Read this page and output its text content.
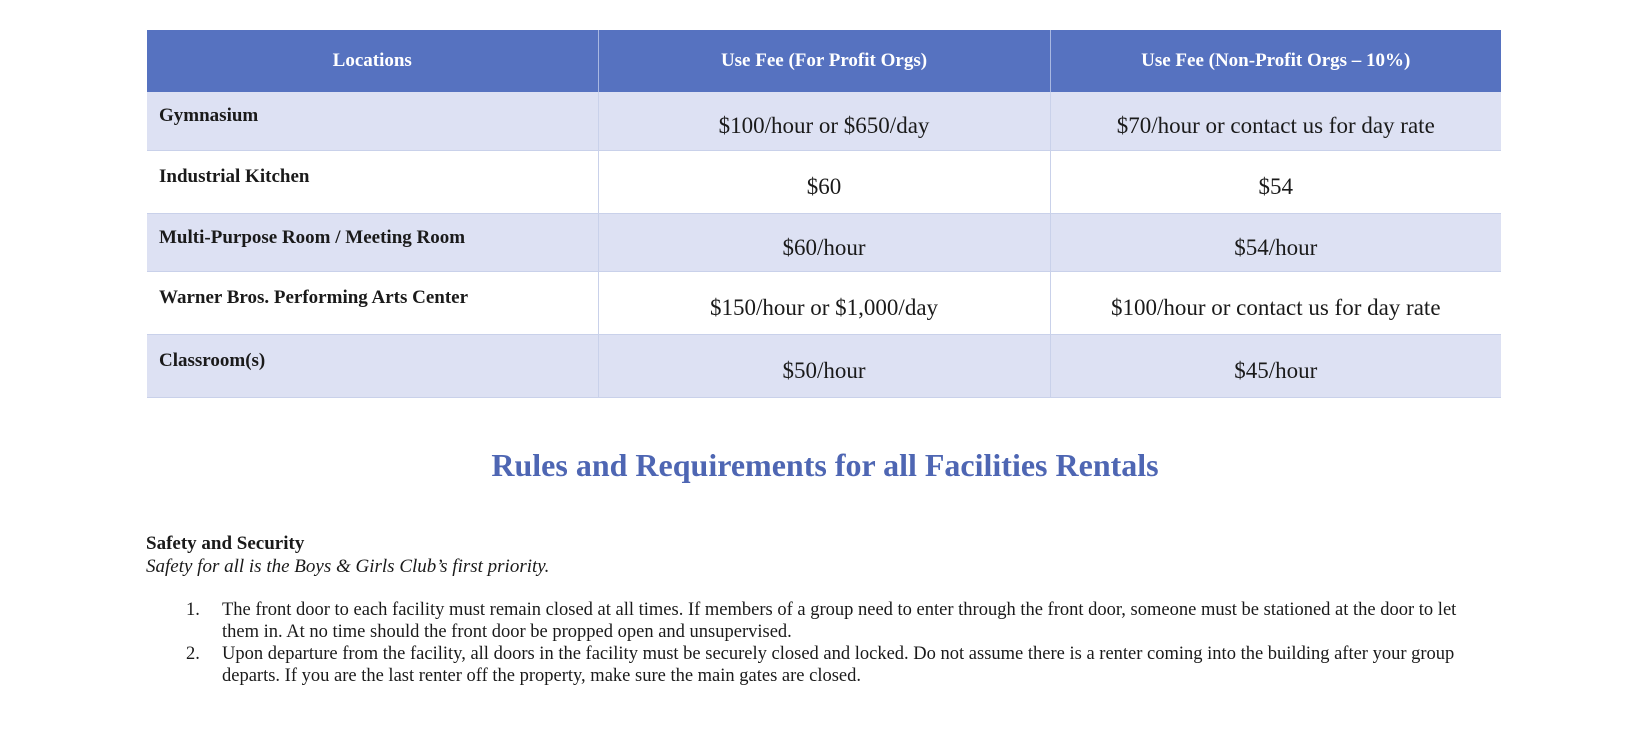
Locations	Use Fee (For Profit Orgs)	Use Fee (Non-Profit Orgs – 10%)
Gymnasium	$100/hour or $650/day	$70/hour or contact us for day rate
Industrial Kitchen	$60	$54
Multi-Purpose Room / Meeting Room	$60/hour	$54/hour
Warner Bros. Performing Arts Center	$150/hour or $1,000/day	$100/hour or contact us for day rate
Classroom(s)	$50/hour	$45/hour
Rules and Requirements for all Facilities Rentals

Safety and Security

Safety for all is the Boys & Girls Club’s first priority.

1. The front door to each facility must remain closed at all times. If members of a group need to enter through the front door, someone must be stationed at the door to let them in. At no time should the front door be propped open and unsupervised.
2. Upon departure from the facility, all doors in the facility must be securely closed and locked. Do not assume there is a renter coming into the building after your group departs. If you are the last renter off the property, make sure the main gates are closed.
